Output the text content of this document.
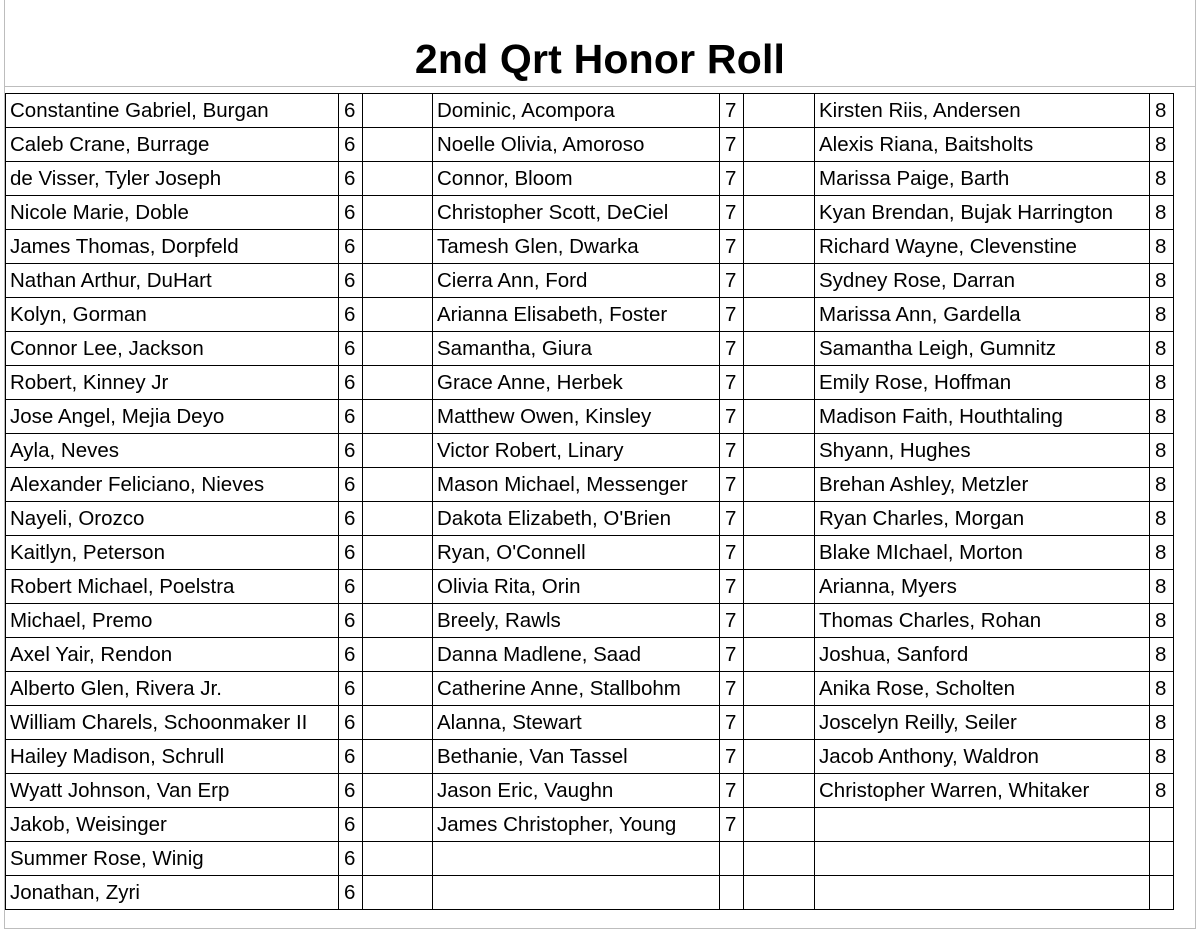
2nd Qrt Honor Roll
Constantine Gabriel, Burgan	6		Dominic, Acompora	7		Kirsten Riis, Andersen	8
Caleb Crane, Burrage	6		Noelle Olivia, Amoroso	7		Alexis Riana, Baitsholts	8
de Visser, Tyler Joseph	6		Connor, Bloom	7		Marissa Paige, Barth	8
Nicole Marie, Doble	6		Christopher Scott, DeCiel	7		Kyan Brendan, Bujak Harrington	8
James Thomas, Dorpfeld	6		Tamesh Glen, Dwarka	7		Richard Wayne, Clevenstine	8
Nathan Arthur, DuHart	6		Cierra Ann, Ford	7		Sydney Rose, Darran	8
Kolyn, Gorman	6		Arianna Elisabeth, Foster	7		Marissa Ann, Gardella	8
Connor Lee, Jackson	6		Samantha, Giura	7		Samantha Leigh, Gumnitz	8
Robert, Kinney Jr	6		Grace Anne, Herbek	7		Emily Rose, Hoffman	8
Jose Angel, Mejia Deyo	6		Matthew Owen, Kinsley	7		Madison Faith, Houthtaling	8
Ayla, Neves	6		Victor Robert, Linary	7		Shyann, Hughes	8
Alexander Feliciano, Nieves	6		Mason Michael, Messenger	7		Brehan Ashley, Metzler	8
Nayeli, Orozco	6		Dakota Elizabeth, O'Brien	7		Ryan Charles, Morgan	8
Kaitlyn, Peterson	6		Ryan, O'Connell	7		Blake MIchael, Morton	8
Robert Michael, Poelstra	6		Olivia Rita, Orin	7		Arianna, Myers	8
Michael, Premo	6		Breely, Rawls	7		Thomas Charles, Rohan	8
Axel Yair, Rendon	6		Danna Madlene, Saad	7		Joshua, Sanford	8
Alberto Glen, Rivera Jr.	6		Catherine Anne, Stallbohm	7		Anika Rose, Scholten	8
William Charels, Schoonmaker II	6		Alanna, Stewart	7		Joscelyn Reilly, Seiler	8
Hailey Madison, Schrull	6		Bethanie, Van Tassel	7		Jacob Anthony, Waldron	8
Wyatt Johnson, Van Erp	6		Jason Eric, Vaughn	7		Christopher Warren, Whitaker	8
Jakob, Weisinger	6		James Christopher, Young	7			
Summer Rose, Winig	6						
Jonathan, Zyri	6						
